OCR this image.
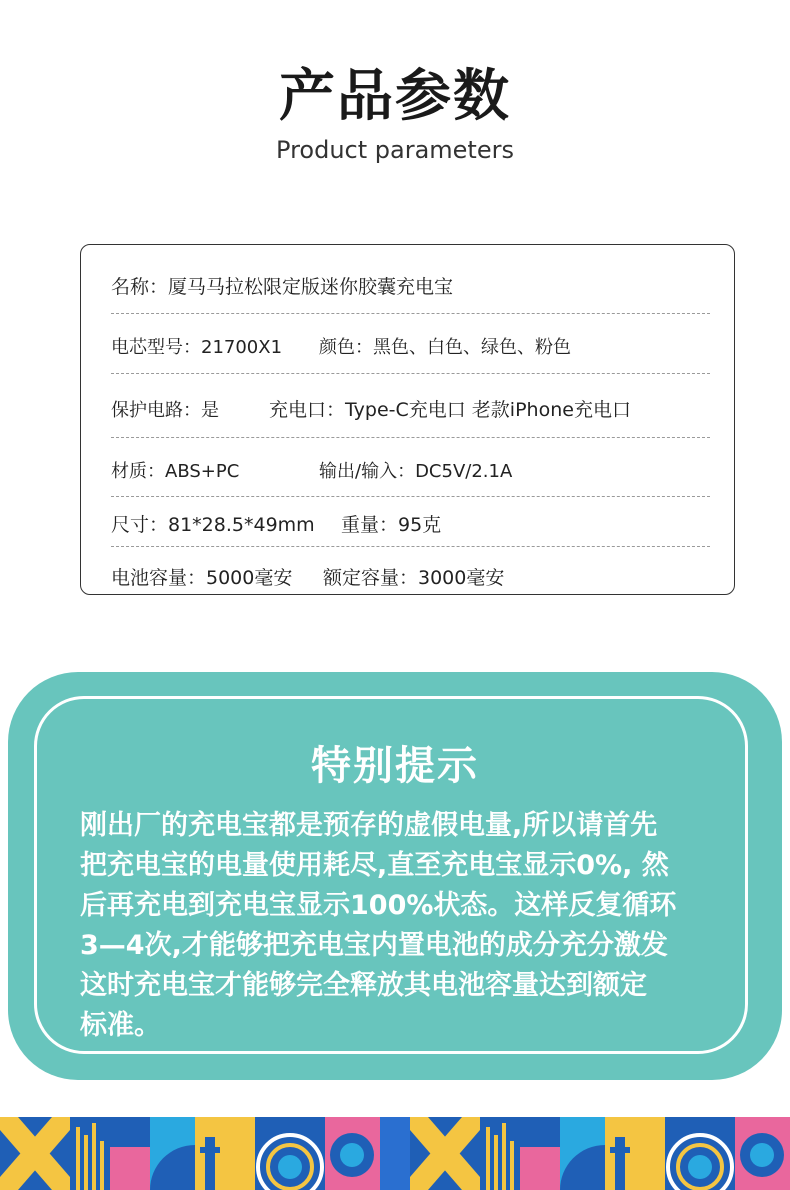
产品参数
Product parameters
名称：厦马马拉松限定版迷你胶囊充电宝
电芯型号：21700X1 颜色：黑色、白色、绿色、粉色
保护电路：是	充电口：Type-C充电口 老款iPhone充电口
材质：ABS+PC	输出/输入：DC5V/2.1A
尺寸：81*28.5*49mm 重量：95克
电池容量：5000毫安 额定容量：3000毫安
特别提示
刚出厂的充电宝都是预存的虚假电量,所以请首先
把充电宝的电量使用耗尽,直至充电宝显示0%, 然
后再充电到充电宝显示100%状态。这样反复循环
3—4次,才能够把充电宝内置电池的成分充分激发
这时充电宝才能够完全释放其电池容量达到额定
标准。
